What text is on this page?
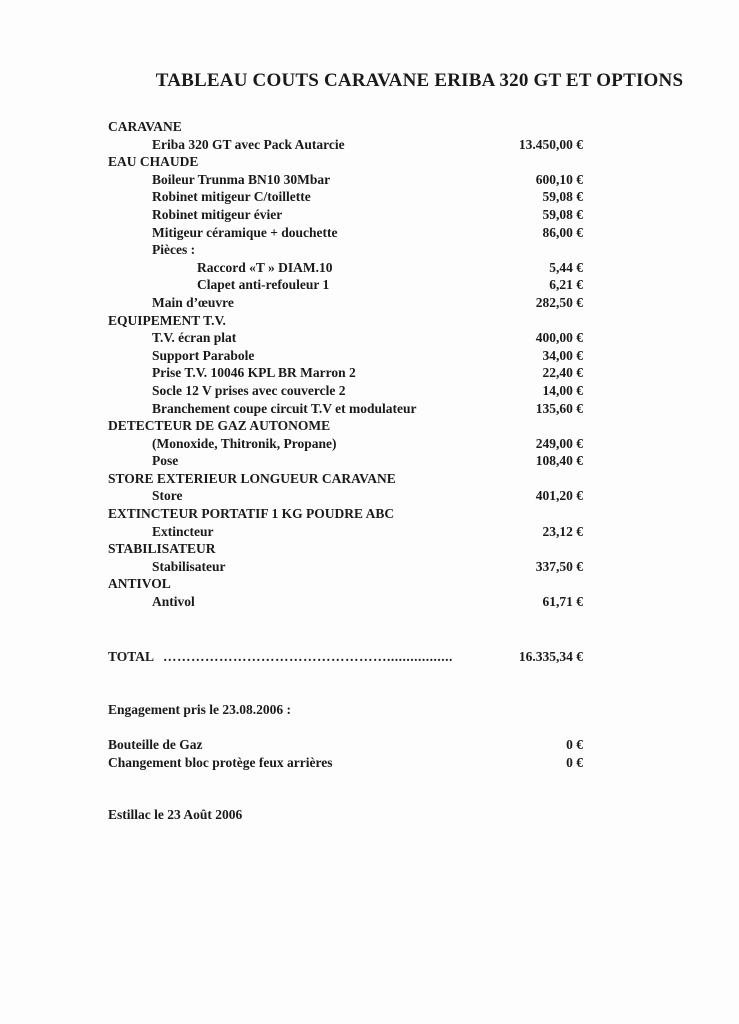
TABLEAU COUTS CARAVANE ERIBA 320 GT ET OPTIONS
CARAVANE
Eriba 320 GT avec Pack Autarcie	13.450,00 €
EAU CHAUDE
Boileur Trunma BN10 30Mbar	600,10 €
Robinet mitigeur C/toillette	59,08 €
Robinet mitigeur évier	59,08 €
Mitigeur céramique + douchette	86,00 €
Pièces :
Raccord «T » DIAM.10	5,44 €
Clapet anti-refouleur 1	6,21 €
Main d’œuvre	282,50 €
EQUIPEMENT T.V.
T.V. écran plat	400,00 €
Support Parabole	34,00 €
Prise T.V. 10046 KPL BR Marron 2	22,40 €
Socle 12 V prises avec couvercle 2	14,00 €
Branchement coupe circuit T.V et modulateur	135,60 €
DETECTEUR DE GAZ AUTONOME
(Monoxide, Thitronik, Propane)	249,00 €
Pose	108,40 €
STORE EXTERIEUR LONGUEUR CARAVANE
Store	401,20 €
EXTINCTEUR PORTATIF 1 KG POUDRE ABC
Extincteur	23,12 €
STABILISATEUR
Stabilisateur	337,50 €
ANTIVOL
Antivol	61,71 €
TOTAL ………………………………………….................	16.335,34 €
Engagement pris le 23.08.2006 :
Bouteille de Gaz	0 €
Changement bloc protège feux arrières	0 €
Estillac le 23 Août 2006
